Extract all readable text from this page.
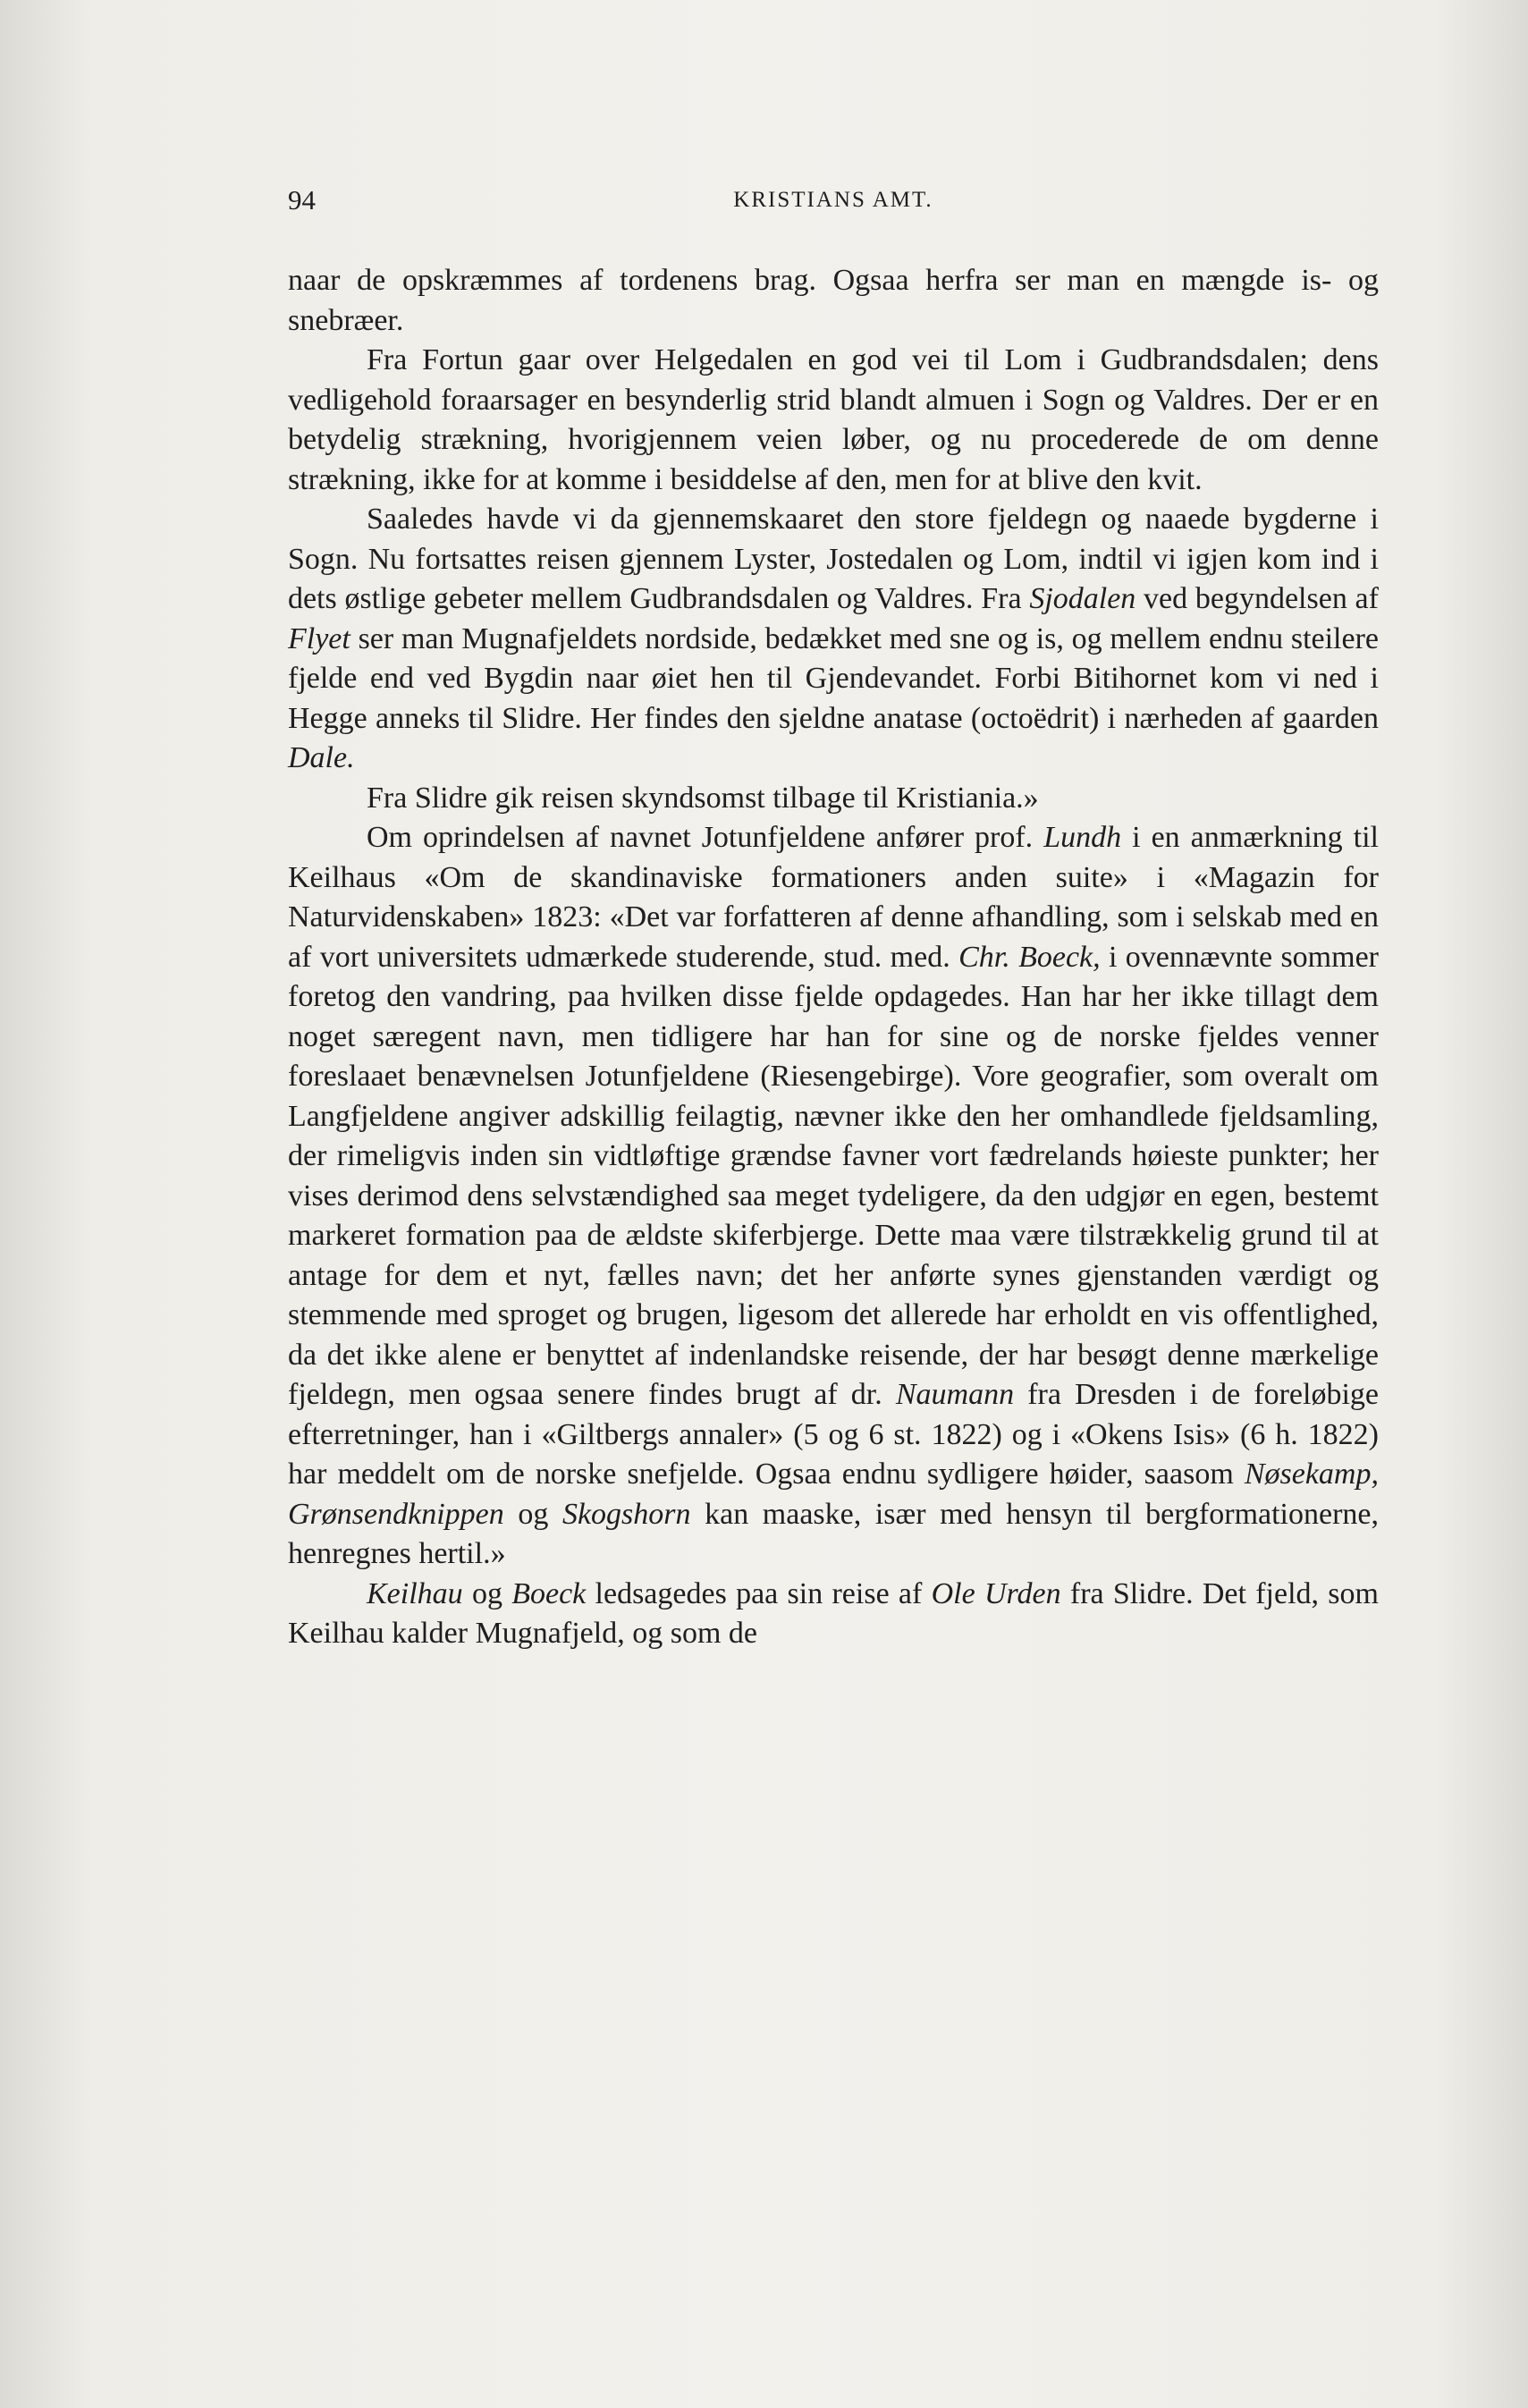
94	KRISTIANS AMT.

naar de opskræmmes af tordenens brag. Ogsaa herfra ser man en mængde is- og snebræer.

Fra Fortun gaar over Helgedalen en god vei til Lom i Gudbrandsdalen; dens vedligehold foraarsager en besynderlig strid blandt almuen i Sogn og Valdres. Der er en betydelig strækning, hvorigjennem veien løber, og nu procederede de om denne strækning, ikke for at komme i besiddelse af den, men for at blive den kvit.

Saaledes havde vi da gjennemskaaret den store fjeldegn og naaede bygderne i Sogn. Nu fortsattes reisen gjennem Lyster, Jostedalen og Lom, indtil vi igjen kom ind i dets østlige gebeter mellem Gudbrandsdalen og Valdres. Fra Sjodalen ved begyndelsen af Flyet ser man Mugnafjeldets nordside, bedækket med sne og is, og mellem endnu steilere fjelde end ved Bygdin naar øiet hen til Gjendevandet. Forbi Bitihornet kom vi ned i Hegge anneks til Slidre. Her findes den sjeldne anatase (octoëdrit) i nærheden af gaarden Dale.

Fra Slidre gik reisen skyndsomst tilbage til Kristiania.»

Om oprindelsen af navnet Jotunfjeldene anfører prof. Lundh i en anmærkning til Keilhaus «Om de skandinaviske formationers anden suite» i «Magazin for Naturvidenskaben» 1823: «Det var forfatteren af denne afhandling, som i selskab med en af vort universitets udmærkede studerende, stud. med. Chr. Boeck, i ovennævnte sommer foretog den vandring, paa hvilken disse fjelde opdagedes. Han har her ikke tillagt dem noget særegent navn, men tidligere har han for sine og de norske fjeldes venner foreslaaet benævnelsen Jotunfjeldene (Riesengebirge). Vore geografier, som overalt om Langfjeldene angiver adskillig feilagtig, nævner ikke den her omhandlede fjeldsamling, der rimeligvis inden sin vidtløftige grændse favner vort fædrelands høieste punkter; her vises derimod dens selvstændighed saa meget tydeligere, da den udgjør en egen, bestemt markeret formation paa de ældste skiferbjerge. Dette maa være tilstrækkelig grund til at antage for dem et nyt, fælles navn; det her anførte synes gjenstanden værdigt og stemmende med sproget og brugen, ligesom det allerede har erholdt en vis offentlighed, da det ikke alene er benyttet af indenlandske reisende, der har besøgt denne mærkelige fjeldegn, men ogsaa senere findes brugt af dr. Naumann fra Dresden i de foreløbige efterretninger, han i «Giltbergs annaler» (5 og 6 st. 1822) og i «Okens Isis» (6 h. 1822) har meddelt om de norske snefjelde. Ogsaa endnu sydligere høider, saasom Nøsekamp, Grønsendknippen og Skogshorn kan maaske, især med hensyn til bergformationerne, henregnes hertil.»

Keilhau og Boeck ledsagedes paa sin reise af Ole Urden fra Slidre. Det fjeld, som Keilhau kalder Mugnafjeld, og som de
